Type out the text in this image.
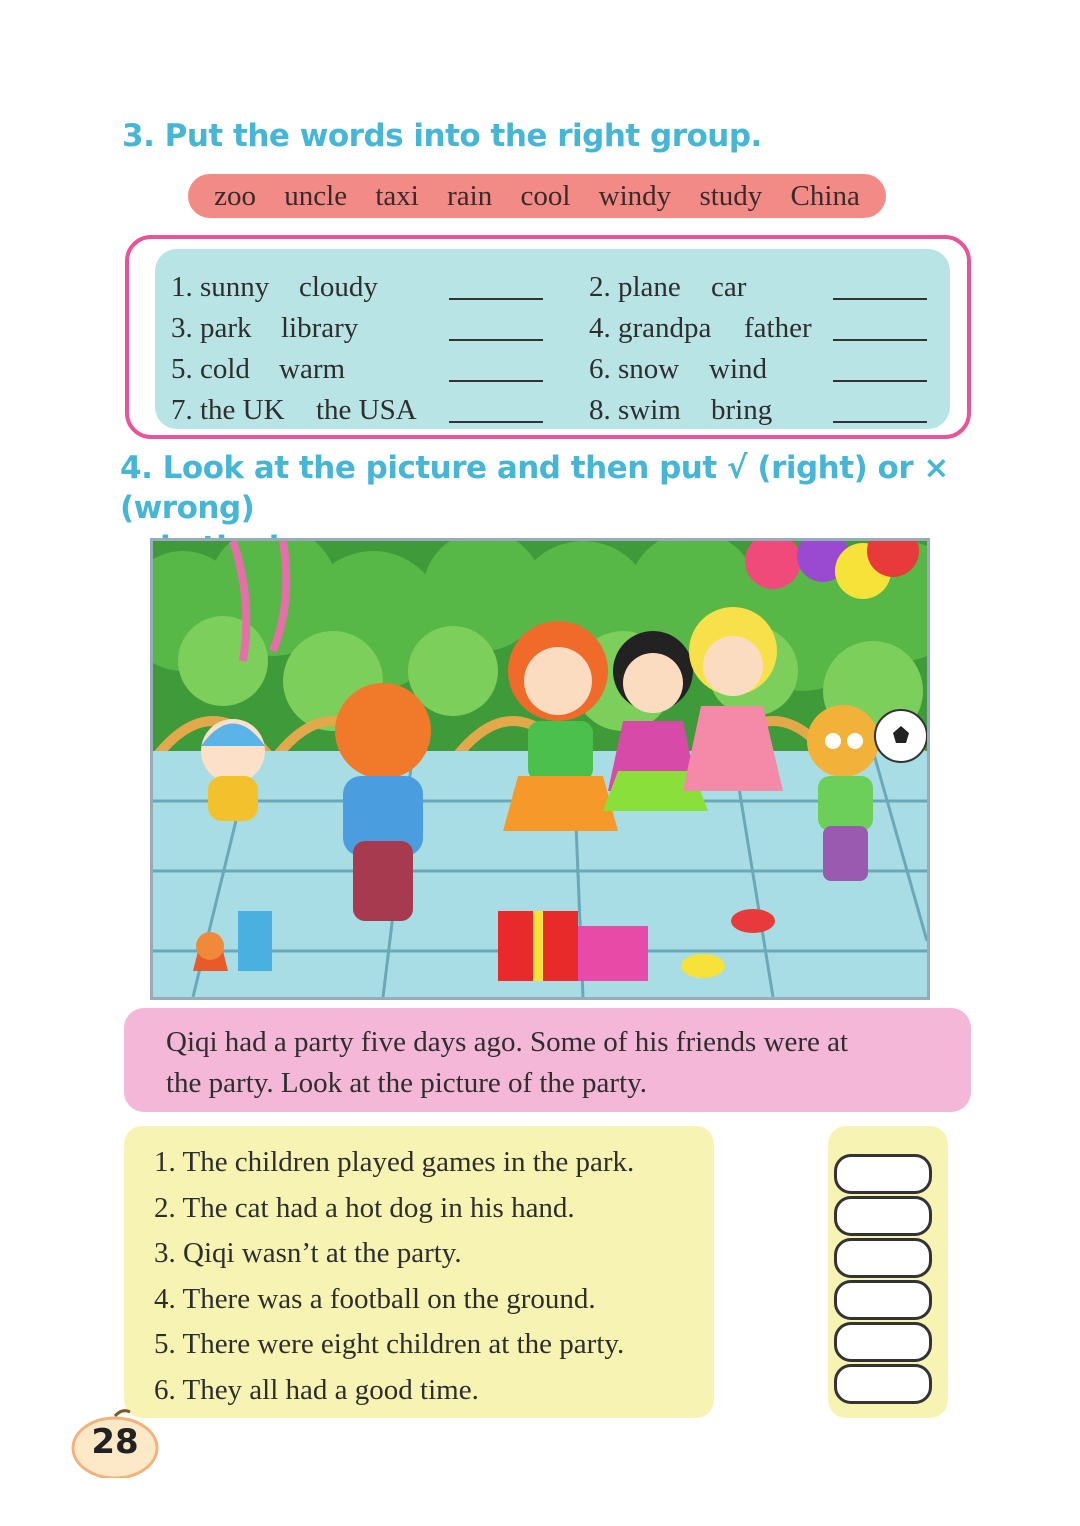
3. Put the words into the right group.
zoo uncle taxi rain cool windy study China
1. sunny cloudy
3. park library
5. cold warm
7. the UK the USA
2. plane car
4. grandpa father
6. snow wind
8. swim bring
4. Look at the picture and then put √ (right) or × (wrong)
Qiqi had a party five days ago. Some of his friends were at
the party. Look at the picture of the party.
1. The children played games in the park.
2. The cat had a hot dog in his hand.
3. Qiqi wasn’t at the party.
4. There was a football on the ground.
5. There were eight children at the party.
6. They all had a good time.
28
